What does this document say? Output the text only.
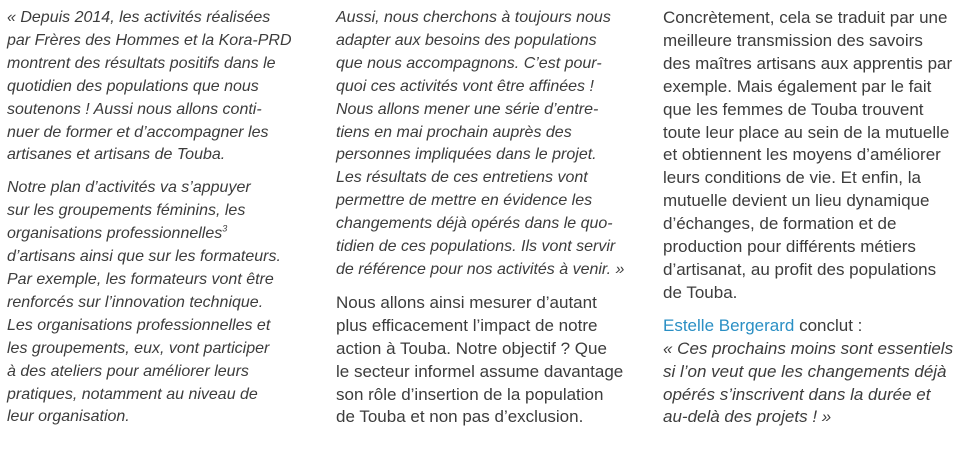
« Depuis 2014, les activités réalisées
par Frères des Hommes et la Kora-PRD
montrent des résultats positifs dans le
quotidien des populations que nous
soutenons ! Aussi nous allons conti-
nuer de former et d’accompagner les
artisanes et artisans de Touba.

Notre plan d’activités va s’appuyer
sur les groupements féminins, les
organisations professionnelles$^3$
d’artisans ainsi que sur les formateurs.
Par exemple, les formateurs vont être
renforcés sur l’innovation technique.
Les organisations professionnelles et
les groupements, eux, vont participer
à des ateliers pour améliorer leurs
pratiques, notamment au niveau de
leur organisation.

Aussi, nous cherchons à toujours nous
adapter aux besoins des populations
que nous accompagnons. C’est pour-
quoi ces activités vont être affinées !
Nous allons mener une série d’entre-
tiens en mai prochain auprès des
personnes impliquées dans le projet.
Les résultats de ces entretiens vont
permettre de mettre en évidence les
changements déjà opérés dans le quo-
tidien de ces populations. Ils vont servir
de référence pour nos activités à venir. »

Nous allons ainsi mesurer d’autant
plus efficacement l’impact de notre
action à Touba. Notre objectif ? Que
le secteur informel assume davantage
son rôle d’insertion de la population
de Touba et non pas d’exclusion.

Concrètement, cela se traduit par une
meilleure transmission des savoirs
des maîtres artisans aux apprentis par
exemple. Mais également par le fait
que les femmes de Touba trouvent
toute leur place au sein de la mutuelle
et obtiennent les moyens d’améliorer
leurs conditions de vie. Et enfin, la
mutuelle devient un lieu dynamique
d’échanges, de formation et de
production pour différents métiers
d’artisanat, au profit des populations
de Touba.

Estelle Bergerard conclut :
« Ces prochains moins sont essentiels
si l’on veut que les changements déjà
opérés s’inscrivent dans la durée et
au-delà des projets ! »
